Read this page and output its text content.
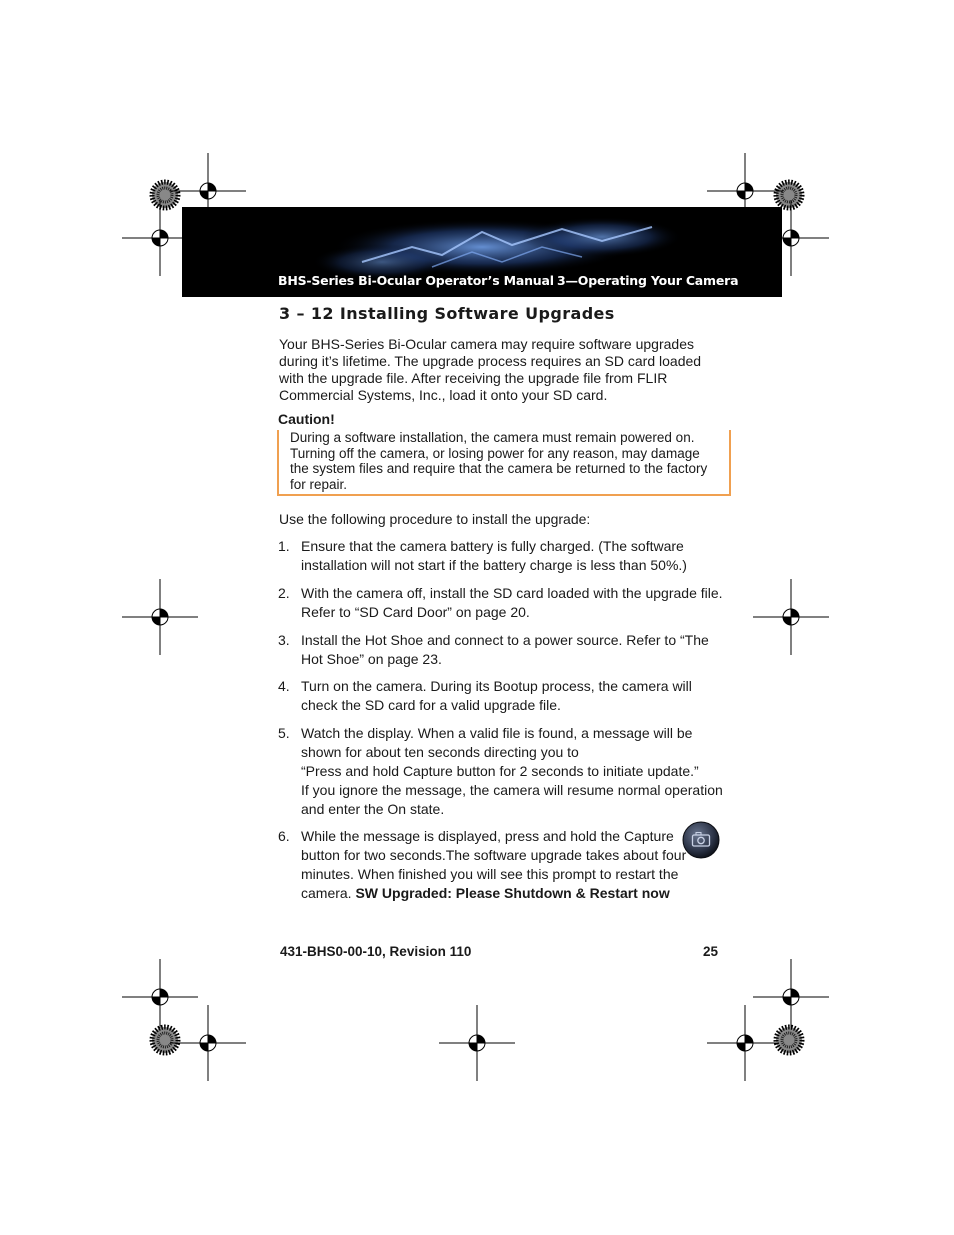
BHS-Series Bi-Ocular Operator’s Manual 3—Operating Your Camera
3 – 12 Installing Software Upgrades

Your BHS-Series Bi-Ocular camera may require software upgrades during it’s lifetime. The upgrade process requires an SD card loaded with the upgrade file. After receiving the upgrade file from FLIR Commercial Systems, Inc., load it onto your SD card.

Caution!
During a software installation, the camera must remain powered on. Turning off the camera, or losing power for any reason, may damage the system files and require that the camera be returned to the factory for repair.

Use the following procedure to install the upgrade:

1. Ensure that the camera battery is fully charged. (The software installation will not start if the battery charge is less than 50%.)
2. With the camera off, install the SD card loaded with the upgrade file. Refer to “SD Card Door” on page 20.
3. Install the Hot Shoe and connect to a power source. Refer to “The Hot Shoe” on page 23.
4. Turn on the camera. During its Bootup process, the camera will check the SD card for a valid upgrade file.
5. Watch the display. When a valid file is found, a message will be shown for about ten seconds directing you to
“Press and hold Capture button for 2 seconds to initiate update.”
If you ignore the message, the camera will resume normal operation and enter the On state.
6. While the message is displayed, press and hold the Capture button for two seconds.The software upgrade takes about four minutes. When finished you will see this prompt to restart the camera. SW Upgraded: Please Shutdown & Restart now
431-BHS0-00-10, Revision 110	25
